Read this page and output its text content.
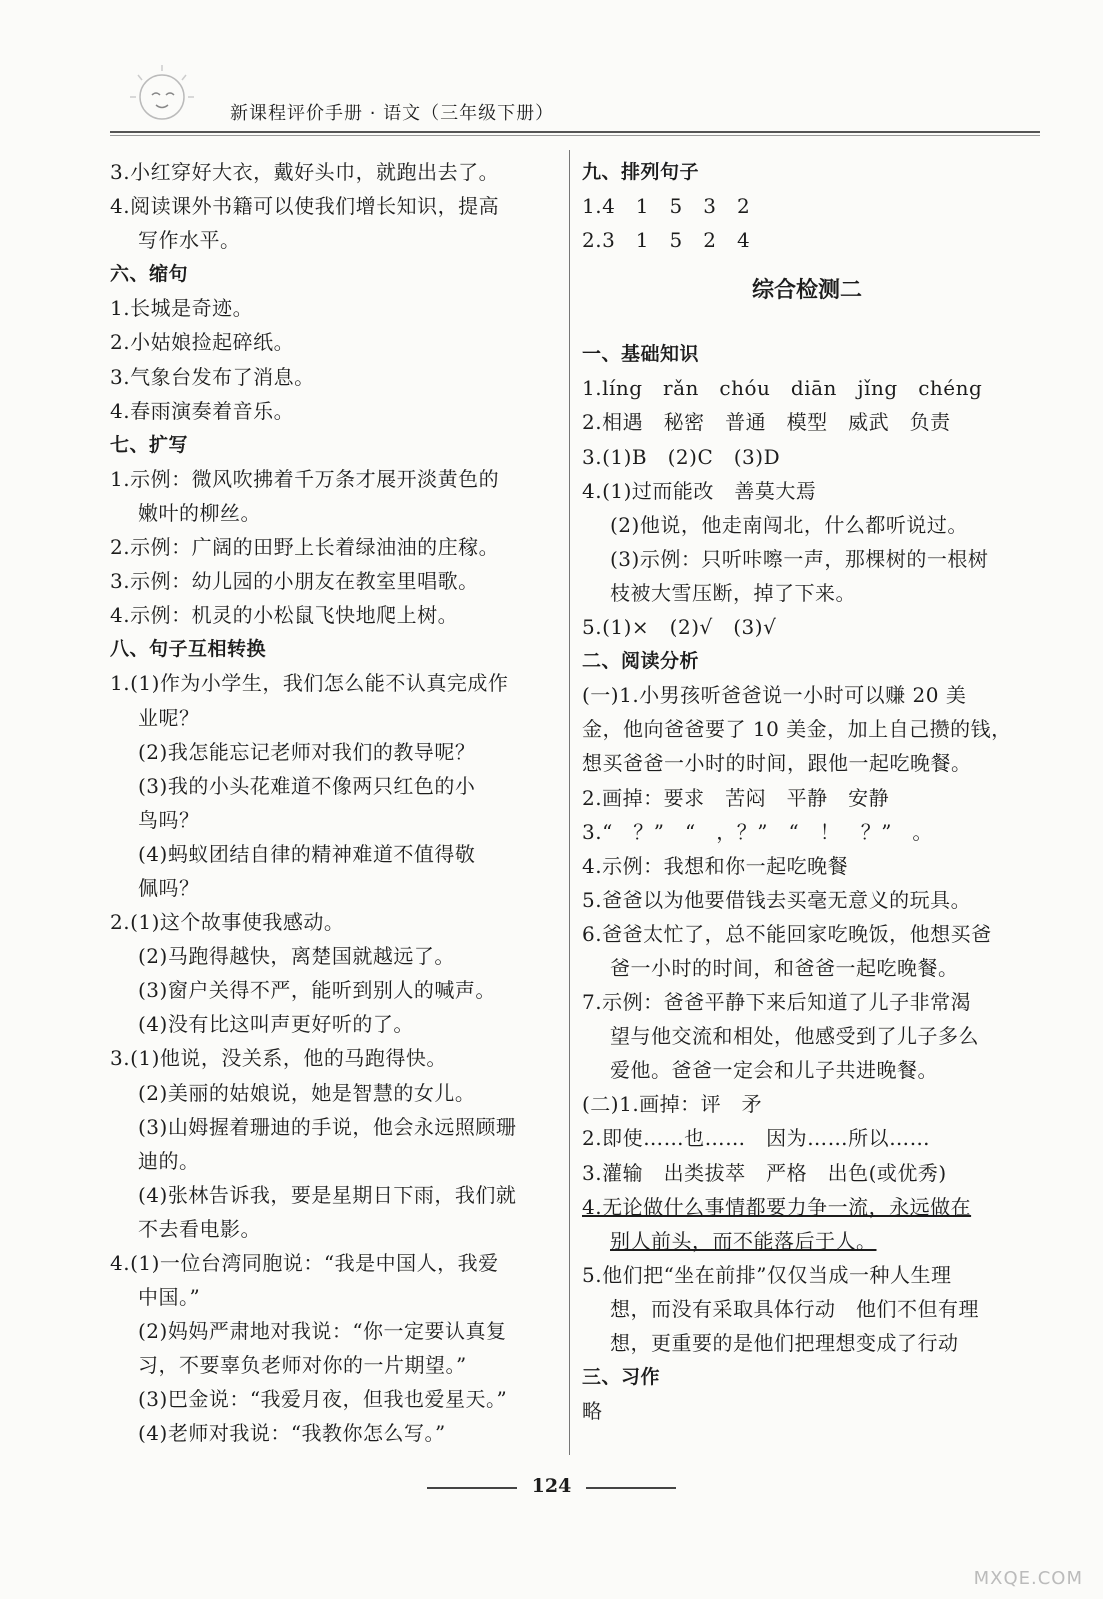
新课程评价手册 · 语文（三年级下册）
3.小红穿好大衣，戴好头巾，就跑出去了。
4.阅读课外书籍可以使我们增长知识，提高
写作水平。
六、缩句
1.长城是奇迹。
2.小姑娘捡起碎纸。
3.气象台发布了消息。
4.春雨演奏着音乐。
七、扩写
1.示例：微风吹拂着千万条才展开淡黄色的
嫩叶的柳丝。
2.示例：广阔的田野上长着绿油油的庄稼。
3.示例：幼儿园的小朋友在教室里唱歌。
4.示例：机灵的小松鼠飞快地爬上树。
八、句子互相转换
1.(1)作为小学生，我们怎么能不认真完成作
业呢？
(2)我怎能忘记老师对我们的教导呢？
(3)我的小头花难道不像两只红色的小
鸟吗？
(4)蚂蚁团结自律的精神难道不值得敬
佩吗？
2.(1)这个故事使我感动。
(2)马跑得越快，离楚国就越远了。
(3)窗户关得不严，能听到别人的喊声。
(4)没有比这叫声更好听的了。
3.(1)他说，没关系，他的马跑得快。
(2)美丽的姑娘说，她是智慧的女儿。
(3)山姆握着珊迪的手说，他会永远照顾珊
迪的。
(4)张林告诉我，要是星期日下雨，我们就
不去看电影。
4.(1)一位台湾同胞说：“我是中国人，我爱
中国。”
(2)妈妈严肃地对我说：“你一定要认真复
习，不要辜负老师对你的一片期望。”
(3)巴金说：“我爱月夜，但我也爱星天。”
(4)老师对我说：“我教你怎么写。”
九、排列句子
1.4　1　5　3　2
2.3　1　5　2　4
综合检测二
一、基础知识
1.líng　rǎn　chóu　diān　jǐng　chéng
2.相遇　秘密　普通　模型　威武　负责
3.(1)B　(2)C　(3)D
4.(1)过而能改　善莫大焉
(2)他说，他走南闯北，什么都听说过。
(3)示例：只听咔嚓一声，那棵树的一根树
枝被大雪压断，掉了下来。
5.(1)×　(2)√　(3)√
二、阅读分析
(一)1.小男孩听爸爸说一小时可以赚 20 美
金，他向爸爸要了 10 美金，加上自己攒的钱，
想买爸爸一小时的时间，跟他一起吃晚餐。
2.画掉：要求　苦闷　平静　安静
3.“　？”　“　，？”　“　！　？”　。
4.示例：我想和你一起吃晚餐
5.爸爸以为他要借钱去买毫无意义的玩具。
6.爸爸太忙了，总不能回家吃晚饭，他想买爸
爸一小时的时间，和爸爸一起吃晚餐。
7.示例：爸爸平静下来后知道了儿子非常渴
望与他交流和相处，他感受到了儿子多么
爱他。爸爸一定会和儿子共进晚餐。
(二)1.画掉：评　矛
2.即使……也……　因为……所以……
3.灌输　出类拔萃　严格　出色(或优秀)
4.无论做什么事情都要力争一流，永远做在
别人前头，而不能落后于人。
5.他们把“坐在前排”仅仅当成一种人生理
想，而没有采取具体行动　他们不但有理
想，更重要的是他们把理想变成了行动
三、习作
略
124
MXQE.COM
